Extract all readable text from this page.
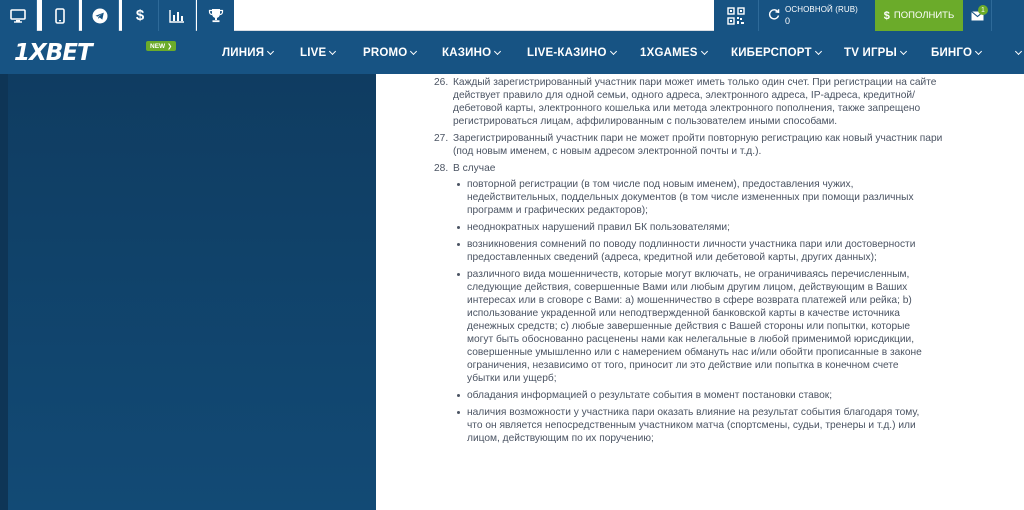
$	ОСНОВНОЙ (RUB)
0	$ ПОПОЛНИТЬ	1
1XBET	NEW ❯	ЛИНИЯ	LIVE	PROMO	КАЗИНО	LIVE-КАЗИНО	1XGAMES	КИБЕРСПОРТ	TV ИГРЫ	БИНГО
26. Каждый зарегистрированный участник пари может иметь только один счет. При регистрации на сайте действует правило для одной семьи, одного адреса, электронного адреса, IP-адреса, кредитной/дебетовой карты, электронного кошелька или метода электронного пополнения, также запрещено регистрироваться лицам, аффилированным с пользователем иными способами.
27. Зарегистрированный участник пари не может пройти повторную регистрацию как новый участник пари (под новым именем, с новым адресом электронной почты и т.д.).
28. В случае
повторной регистрации (в том числе под новым именем), предоставления чужих, недействительных, поддельных документов (в том числе измененных при помощи различных программ и графических редакторов);
неоднократных нарушений правил БК пользователями;
возникновения сомнений по поводу подлинности личности участника пари или достоверности предоставленных сведений (адреса, кредитной или дебетовой карты, других данных);
различного вида мошенничеств, которые могут включать, не ограничиваясь перечисленным, следующие действия, совершенные Вами или любым другим лицом, действующим в Ваших интересах или в сговоре с Вами: a) мошенничество в сфере возврата платежей или рейка; b) использование украденной или неподтвержденной банковской карты в качестве источника денежных средств; c) любые завершенные действия с Вашей стороны или попытки, которые могут быть обоснованно расценены нами как нелегальные в любой применимой юрисдикции, совершенные умышленно или с намерением обмануть нас и/или обойти прописанные в законе ограничения, независимо от того, приносит ли это действие или попытка в конечном счете убытки или ущерб;
обладания информацией о результате события в момент постановки ставок;
наличия возможности у участника пари оказать влияние на результат события благодаря тому, что он является непосредственным участником матча (спортсмены, судьи, тренеры и т.д.) или лицом, действующим по их поручению;
